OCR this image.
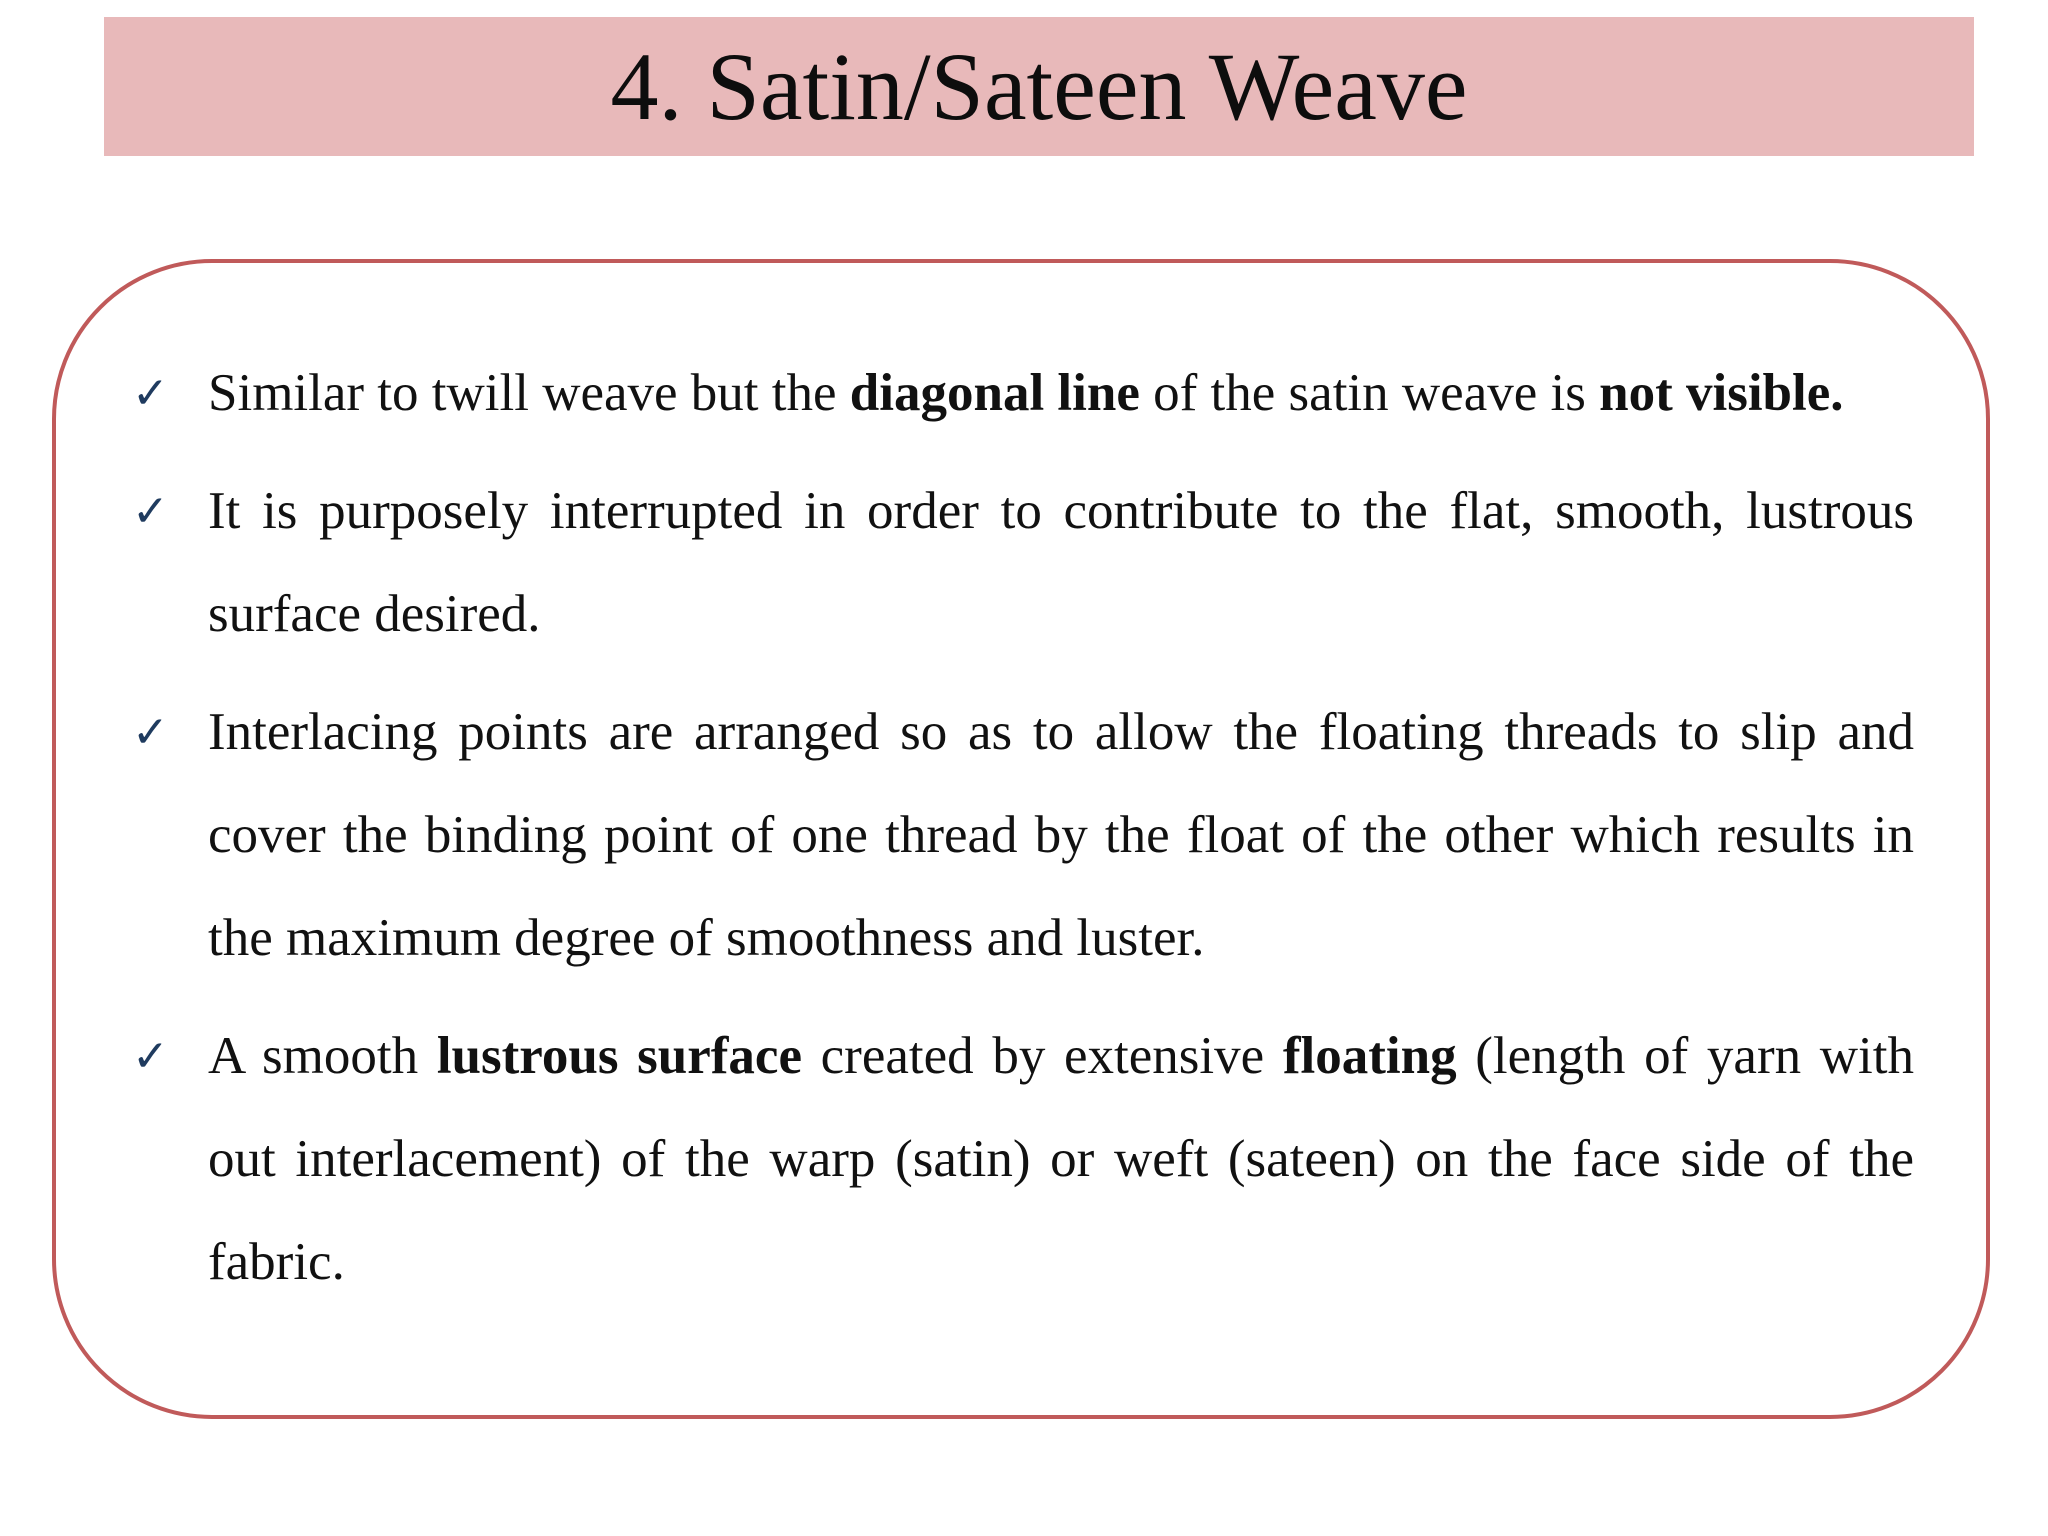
4. Satin/Sateen Weave
✓ Similar to twill weave but the diagonal line of the satin weave is not visible.
✓ It is purposely interrupted in order to contribute to the flat, smooth, lustrous surface desired.
✓ Interlacing points are arranged so as to allow the floating threads to slip and cover the binding point of one thread by the float of the other which results in the maximum degree of smoothness and luster.
✓ A smooth lustrous surface created by extensive floating (length of yarn with out interlacement) of the warp (satin) or weft (sateen) on the face side of the fabric.
